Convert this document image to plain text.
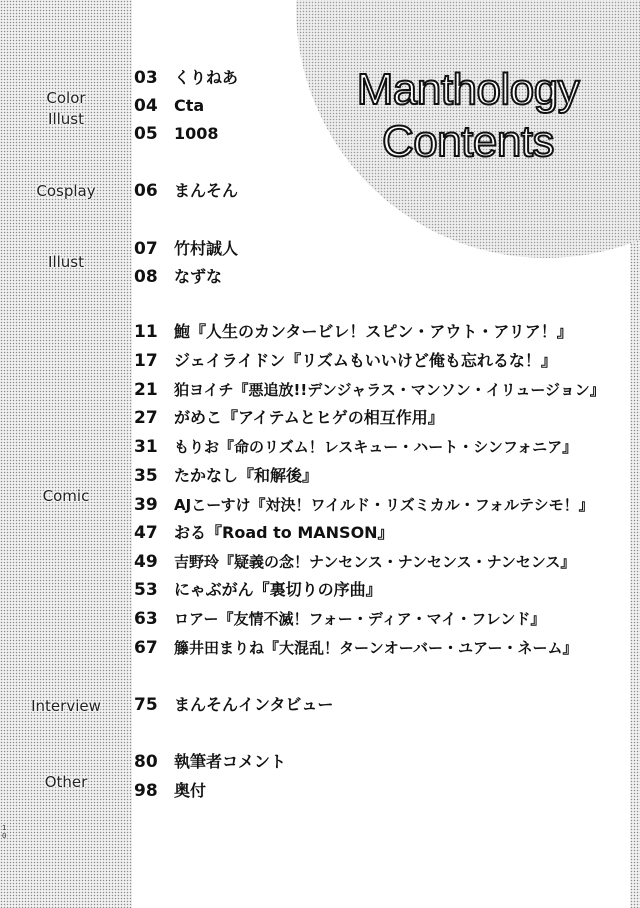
Manthology
Contents
Color
Illust
Cosplay
Illust
Comic
Interview
Other
03 くりねあ
04 Cta
05 1008
06 まんそん
07 竹村誠人
08 なずな
11 鮑『人生のカンタービレ！スピン・アウト・アリア！』
17 ジェイライドン『リズムもいいけど俺も忘れるな！』
21 狛ヨイチ『悪追放!!デンジャラス・マンソン・イリュージョン』
27 がめこ『アイテムとヒゲの相互作用』
31 もりお『命のリズム！レスキュー・ハート・シンフォニア』
35 たかなし『和解後』
39 AJこーすけ『対決！ワイルド・リズミカル・フォルテシモ！』
47 おる『Road to MANSON』
49 吉野玲『疑義の念！ナンセンス・ナンセンス・ナンセンス』
53 にゃぶがん『裏切りの序曲』
63 ロアー『友情不滅！フォー・ディア・マイ・フレンド』
67 籐井田まりね『大混乱！ターンオーバー・ユアー・ネーム』
75 まんそんインタビュー
80 執筆者コメント
98 奥付
1
0
